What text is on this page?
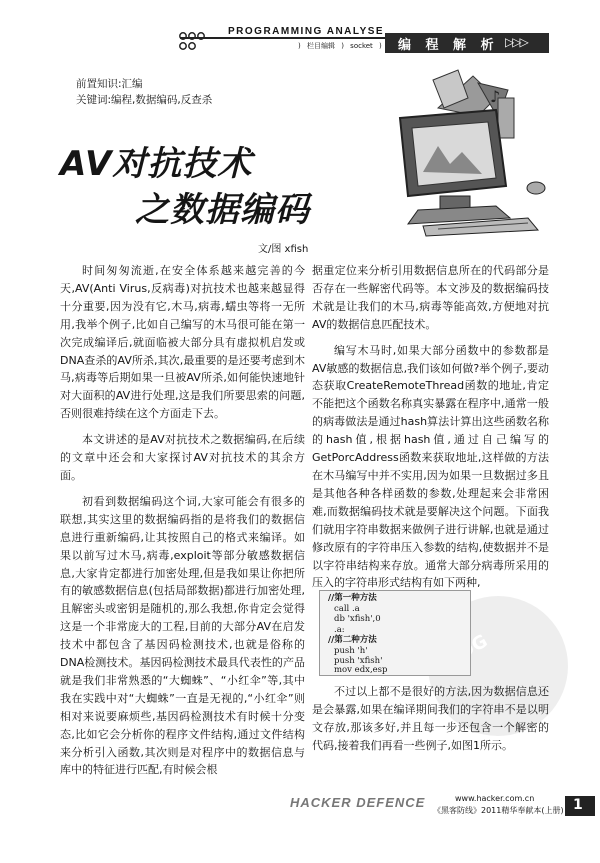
PROGRAMMING ANALYSE
) 栏目编辑 ) socket )	编 程 解 析 ▷▷▷
前置知识:汇编
关键词:编程,数据编码,反查杀
AV对抗技术
之数据编码
文/图 xfish
♪

时间匆匆流逝,在安全体系越来越完善的今天,AV(Anti Virus,反病毒)对抗技术也越来越显得十分重要,因为没有它,木马,病毒,蠕虫等将一无所用,我举个例子,比如自己编写的木马很可能在第一次完成编译后,就面临被大部分具有虚拟机启发或DNA查杀的AV所杀,其次,最重要的是还要考虑到木马,病毒等后期如果一旦被AV所杀,如何能快速地针对大面积的AV进行处理,这是我们所要思索的问题,否则很难持续在这个方面走下去。

本文讲述的是AV对抗技术之数据编码,在后续的文章中还会和大家探讨AV对抗技术的其余方面。

初看到数据编码这个词,大家可能会有很多的联想,其实这里的数据编码指的是将我们的数据信息进行重新编码,让其按照自己的格式来编译。如果以前写过木马,病毒,exploit等部分敏感数据信息,大家肯定都进行加密处理,但是我如果让你把所有的敏感数据信息(包括局部数据)都进行加密处理,且解密头或密钥是随机的,那么我想,你肯定会觉得这是一个非常庞大的工程,目前的大部分AV在启发技术中都包含了基因码检测技术,也就是俗称的DNA检测技术。基因码检测技术最具代表性的产品就是我们非常熟悉的“大蜘蛛”、“小红伞”等,其中我在实践中对“大蜘蛛”一直是无视的,“小红伞”则相对来说要麻烦些,基因码检测技术有时候十分变态,比如它会分析你的程序文件结构,通过文件结构来分析引入函数,其次则是对程序中的数据信息与库中的特征进行匹配,有时候会根

据重定位来分析引用数据信息所在的代码部分是否存在一些解密代码等。本文涉及的数据编码技术就是让我们的木马,病毒等能高效,方便地对抗AV的数据信息匹配技术。

编写木马时,如果大部分函数中的参数都是AV敏感的数据信息,我们该如何做?举个例子,要动态获取CreateRemoteThread函数的地址,肯定不能把这个函数名称真实暴露在程序中,通常一般的病毒做法是通过hash算法计算出这些函数名称的hash值,根据hash值,通过自己编写的GetPorcAddress函数来获取地址,这样做的方法在木马编写中并不实用,因为如果一旦数据过多且是其他各种各样函数的参数,处理起来会非常困难,而数据编码技术就是要解决这个问题。下面我们就用字符串数据来做例子进行讲解,也就是通过修改原有的字符串压入参数的结构,使数据并不是以字符串结构来存放。通常大部分病毒所采用的压入的字符串形式结构有如下两种,

//第一种方法
call .a
db 'xfish',0
.a:
//第二种方法
push 'h'
push 'xfish'
mov edx,esp

不过以上都不是很好的方法,因为数据信息还是会暴露,如果在编译期间我们的字符串不是以明文存放,那该多好,并且每一步还包含一个解密的代码,接着我们再看一些例子,如图1所示。

HACKER DEFENCE	www.hacker.com.cn
《黑客防线》2011精华奉献本(上册) 1
